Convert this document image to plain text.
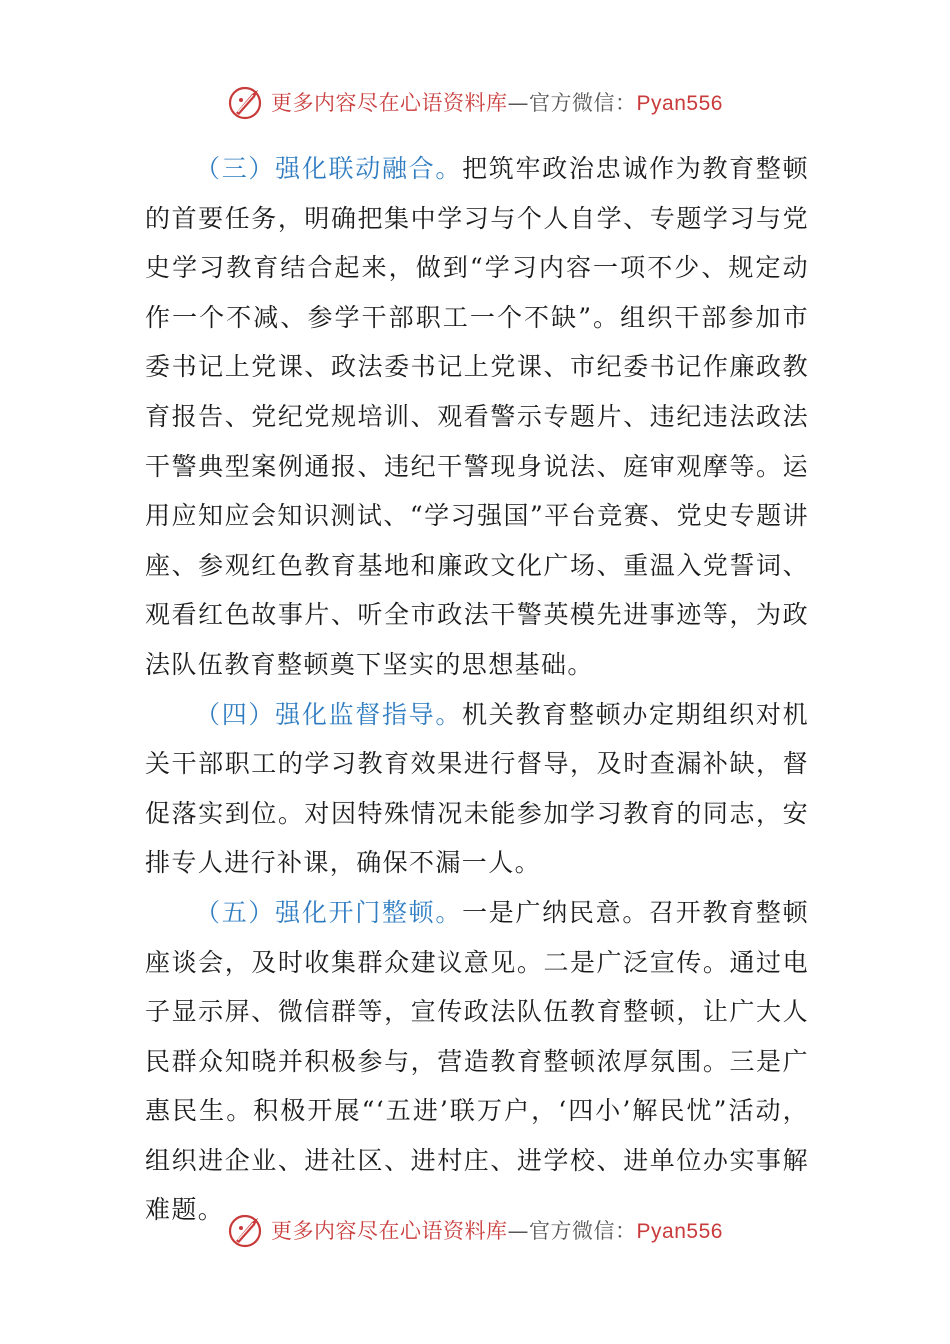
更多内容尽在心语资料库—官方微信：Pyan556

（三）强化联动融合。把筑牢政治忠诚作为教育整顿的首要任务，明确把集中学习与个人自学、专题学习与党史学习教育结合起来，做到“学习内容一项不少、规定动作一个不减、参学干部职工一个不缺”。组织干部参加市委书记上党课、政法委书记上党课、市纪委书记作廉政教育报告、党纪党规培训、观看警示专题片、违纪违法政法干警典型案例通报、违纪干警现身说法、庭审观摩等。运用应知应会知识测试、“学习强国”平台竞赛、党史专题讲座、参观红色教育基地和廉政文化广场、重温入党誓词、观看红色故事片、听全市政法干警英模先进事迹等，为政法队伍教育整顿奠下坚实的思想基础。

（四）强化监督指导。机关教育整顿办定期组织对机关干部职工的学习教育效果进行督导，及时查漏补缺，督促落实到位。对因特殊情况未能参加学习教育的同志，安排专人进行补课，确保不漏一人。

（五）强化开门整顿。一是广纳民意。召开教育整顿座谈会，及时收集群众建议意见。二是广泛宣传。通过电子显示屏、微信群等，宣传政法队伍教育整顿，让广大人民群众知晓并积极参与，营造教育整顿浓厚氛围。三是广惠民生。积极开展“‘五进’联万户，‘四小’解民忧”活动，组织进企业、进社区、进村庄、进学校、进单位办实事解难题。

更多内容尽在心语资料库—官方微信：Pyan556
